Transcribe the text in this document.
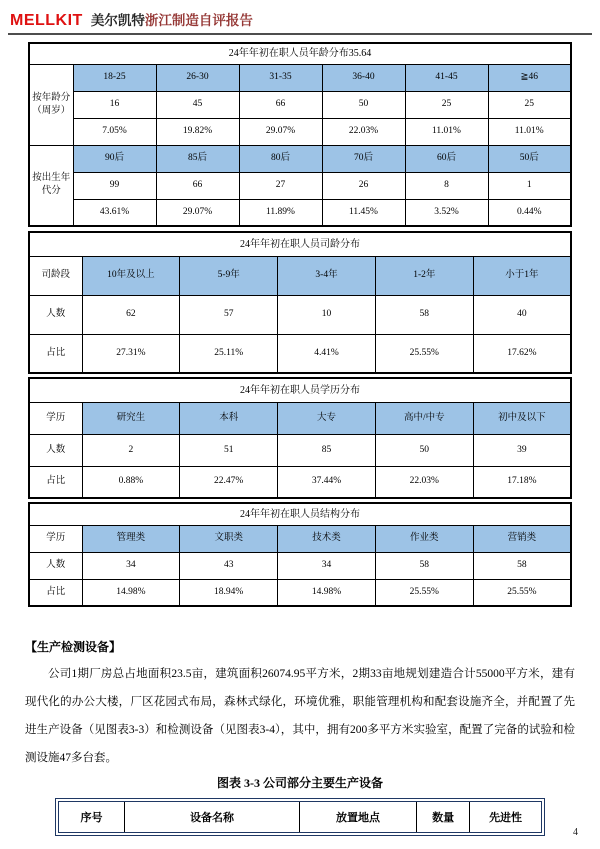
MELLKIT 美尔凯特浙江制造自评报告
24年年初在职人员年龄分布35.64						
按年龄分（周岁）	18-25	26-30	31-35	36-40	41-45	≧46
	16	45	66	50	25	25
	7.05%	19.82%	29.07%	22.03%	11.01%	11.01%
按出生年代分	90后	85后	80后	70后	60后	50后
	99	66	27	26	8	1
	43.61%	29.07%	11.89%	11.45%	3.52%	0.44%
24年年初在职人员司龄分布					
司龄段	10年及以上	5-9年	3-4年	1-2年	小于1年
人数	62	57	10	58	40
占比	27.31%	25.11%	4.41%	25.55%	17.62%
24年年初在职人员学历分布					
学历	研究生	本科	大专	高中/中专	初中及以下
人数	2	51	85	50	39
占比	0.88%	22.47%	37.44%	22.03%	17.18%
24年年初在职人员结构分布					
学历	管理类	文职类	技术类	作业类	营销类
人数	34	43	34	58	58
占比	14.98%	18.94%	14.98%	25.55%	25.55%
【生产检测设备】

公司1期厂房总占地面积23.5亩，建筑面积26074.95平方米，2期33亩地规划建造合计55000平方米，建有现代化的办公大楼，厂区花园式布局，森林式绿化，环境优雅，职能管理机构和配套设施齐全，并配置了先进生产设备（见图表3-3）和检测设备（见图表3-4），其中，拥有200多平方米实验室，配置了完备的试验和检测设施47多台套。

图表 3-3 公司部分主要生产设备
序号	设备名称	放置地点	数量	先进性
4
